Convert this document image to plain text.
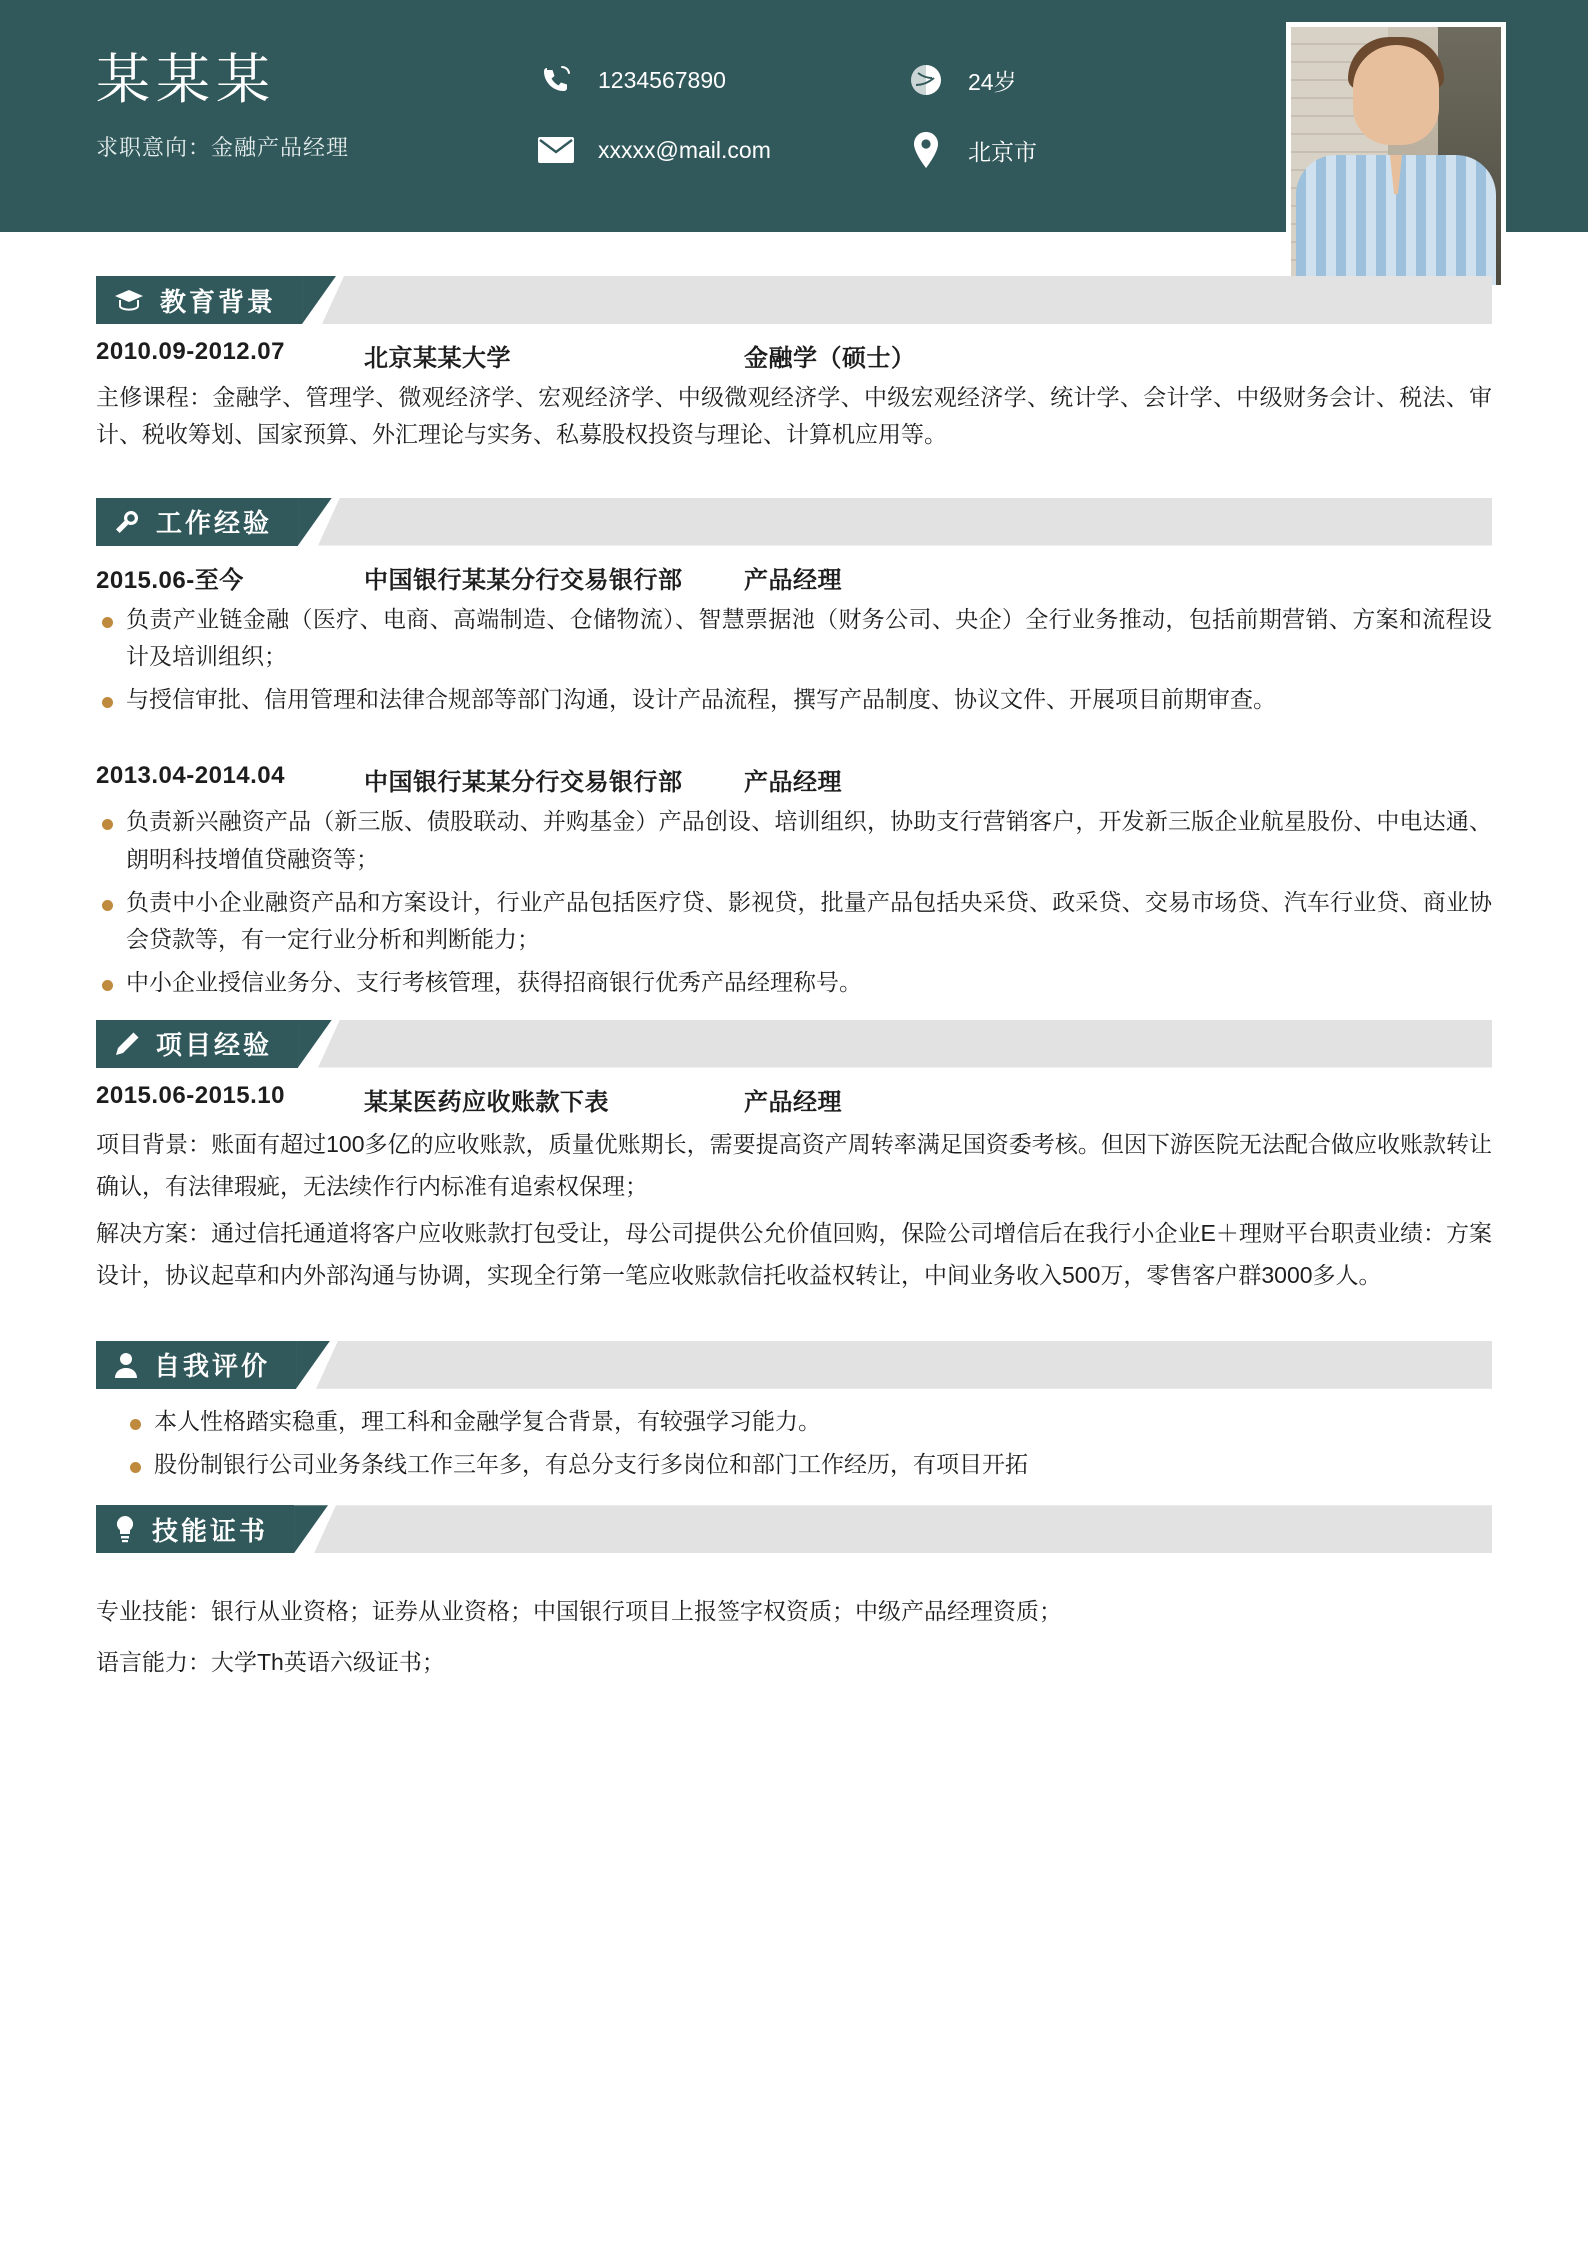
某某某
求职意向：金融产品经理
1234567890
xxxxx@mail.com
24岁
北京市
教育背景
2010.09-2012.07	北京某某大学	金融学（硕士）
主修课程：金融学、管理学、微观经济学、宏观经济学、中级微观经济学、中级宏观经济学、统计学、会计学、中级财务会计、税法、审计、税收筹划、国家预算、外汇理论与实务、私募股权投资与理论、计算机应用等。
工作经验
2015.06-至今	中国银行某某分行交易银行部	产品经理
负责产业链金融（医疗、电商、高端制造、仓储物流）、智慧票据池（财务公司、央企）全行业务推动，包括前期营销、方案和流程设计及培训组织；
与授信审批、信用管理和法律合规部等部门沟通，设计产品流程，撰写产品制度、协议文件、开展项目前期审查。
2013.04-2014.04	中国银行某某分行交易银行部	产品经理
负责新兴融资产品（新三版、债股联动、并购基金）产品创设、培训组织，协助支行营销客户，开发新三版企业航星股份、中电达通、朗明科技增值贷融资等；
负责中小企业融资产品和方案设计，行业产品包括医疗贷、影视贷，批量产品包括央采贷、政采贷、交易市场贷、汽车行业贷、商业协会贷款等，有一定行业分析和判断能力；
中小企业授信业务分、支行考核管理，获得招商银行优秀产品经理称号。
项目经验
2015.06-2015.10	某某医药应收账款下表	产品经理
项目背景：账面有超过100多亿的应收账款，质量优账期长，需要提高资产周转率满足国资委考核。但因下游医院无法配合做应收账款转让确认，有法律瑕疵，无法续作行内标准有追索权保理；
解决方案：通过信托通道将客户应收账款打包受让，母公司提供公允价值回购，保险公司增信后在我行小企业E＋理财平台职责业绩：方案设计，协议起草和内外部沟通与协调，实现全行第一笔应收账款信托收益权转让，中间业务收入500万，零售客户群3000多人。
自我评价
本人性格踏实稳重，理工科和金融学复合背景，有较强学习能力。
股份制银行公司业务条线工作三年多，有总分支行多岗位和部门工作经历，有项目开拓
技能证书
专业技能：银行从业资格；证券从业资格；中国银行项目上报签字权资质；中级产品经理资质；
语言能力：大学Th英语六级证书；
